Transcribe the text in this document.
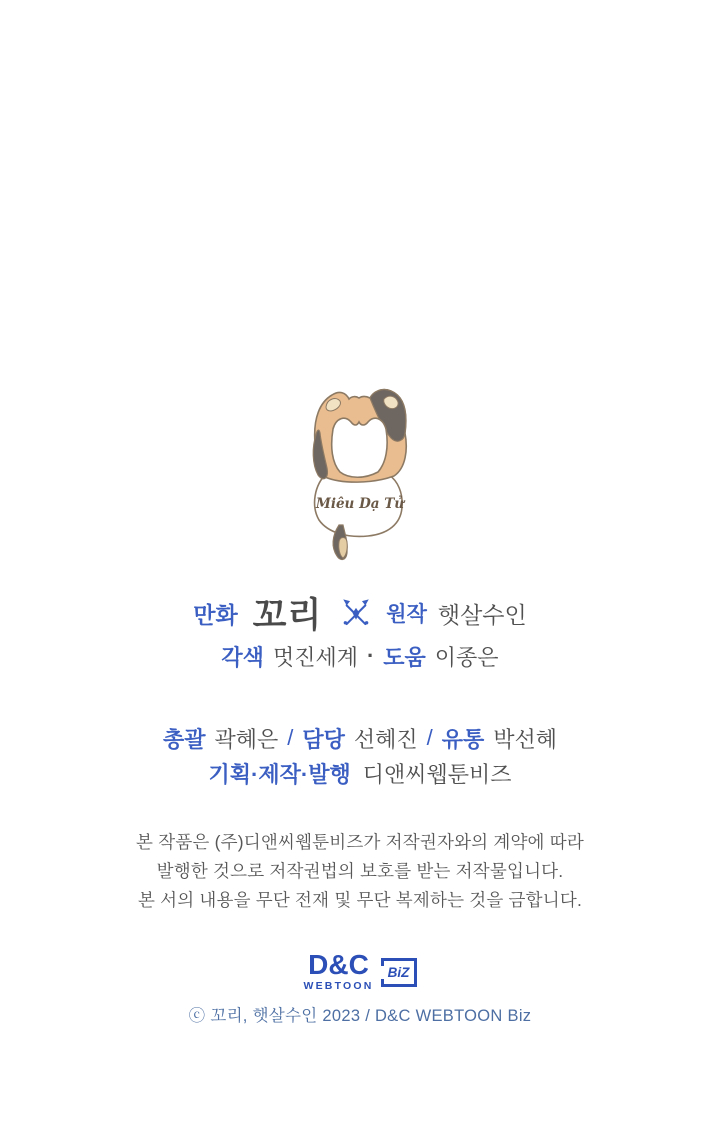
Miêu Dạ Tử
만화 꼬리	원작 햇살수인
각색 멋진세계 · 도움 이종은
총괄 곽혜은 / 담당 선혜진 / 유통 박선혜
기획·제작·발행 디앤씨웹툰비즈
본 작품은 (주)디앤씨웹툰비즈가 저작권자와의 계약에 따라
발행한 것으로 저작권법의 보호를 받는 저작물입니다.
본 서의 내용을 무단 전재 및 무단 복제하는 것을 금합니다.
D&C
WEBTOON
BiZ
ⓒ 꼬리, 햇살수인 2023 / D&C WEBTOON Biz
